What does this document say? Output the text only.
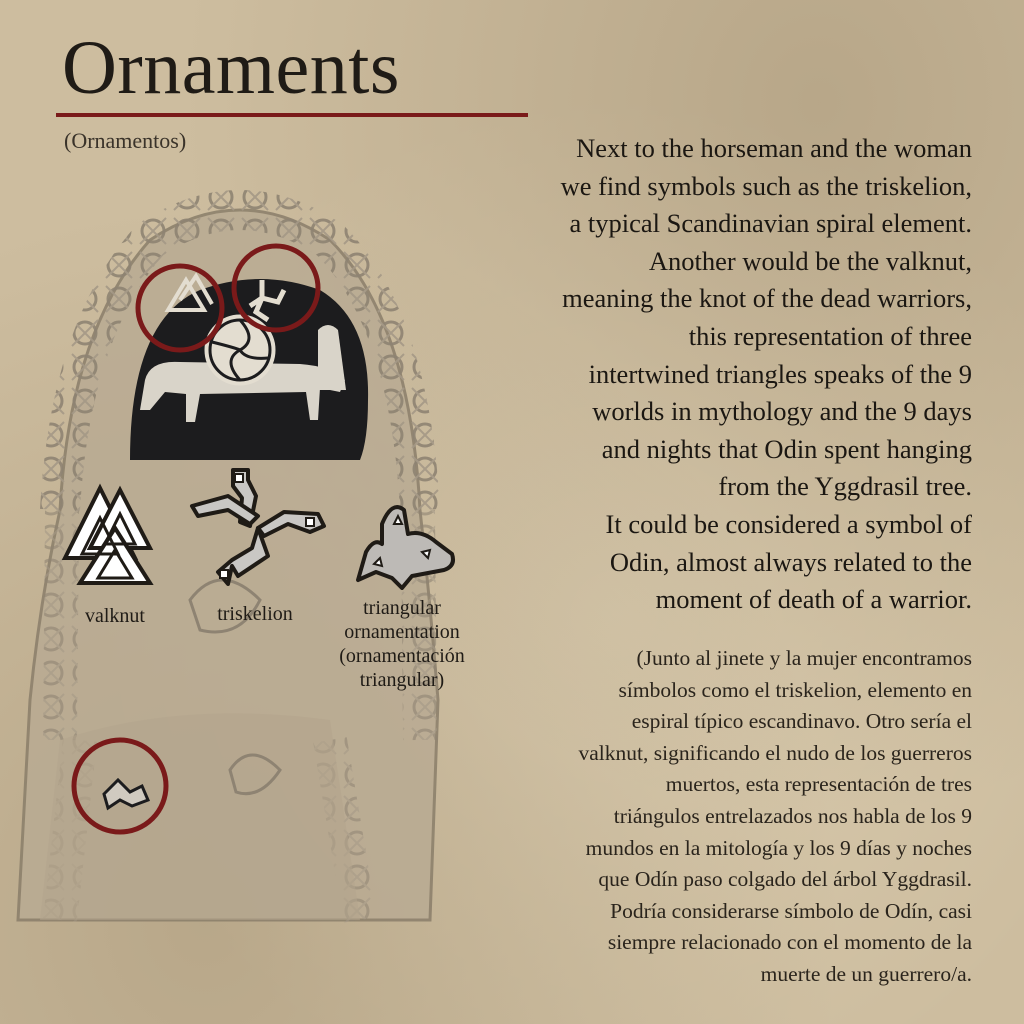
Ornaments
(Ornamentos)	Next to the horseman and the woman
we find symbols such as the triskelion,
a typical Scandinavian spiral element.
Another would be the valknut,
meaning the knot of the dead warriors,
this representation of three
intertwined triangles speaks of the 9
worlds in mythology and the 9 days
and nights that Odin spent hanging
from the Yggdrasil tree.
It could be considered a symbol of
Odin, almost always related to the
moment of death of a warrior.
(Junto al jinete y la mujer encontramos
símbolos como el triskelion, elemento en
espiral típico escandinavo. Otro sería el
valknut, significando el nudo de los guerreros
muertos, esta representación de tres
triángulos entrelazados nos habla de los 9
mundos en la mitología y los 9 días y noches
que Odín paso colgado del árbol Yggdrasil.
Podría considerarse símbolo de Odín, casi
siempre relacionado con el momento de la
muerte de un guerrero/a.
valknut	triskelion	triangular
ornamentation
(ornamentación
triangular)
